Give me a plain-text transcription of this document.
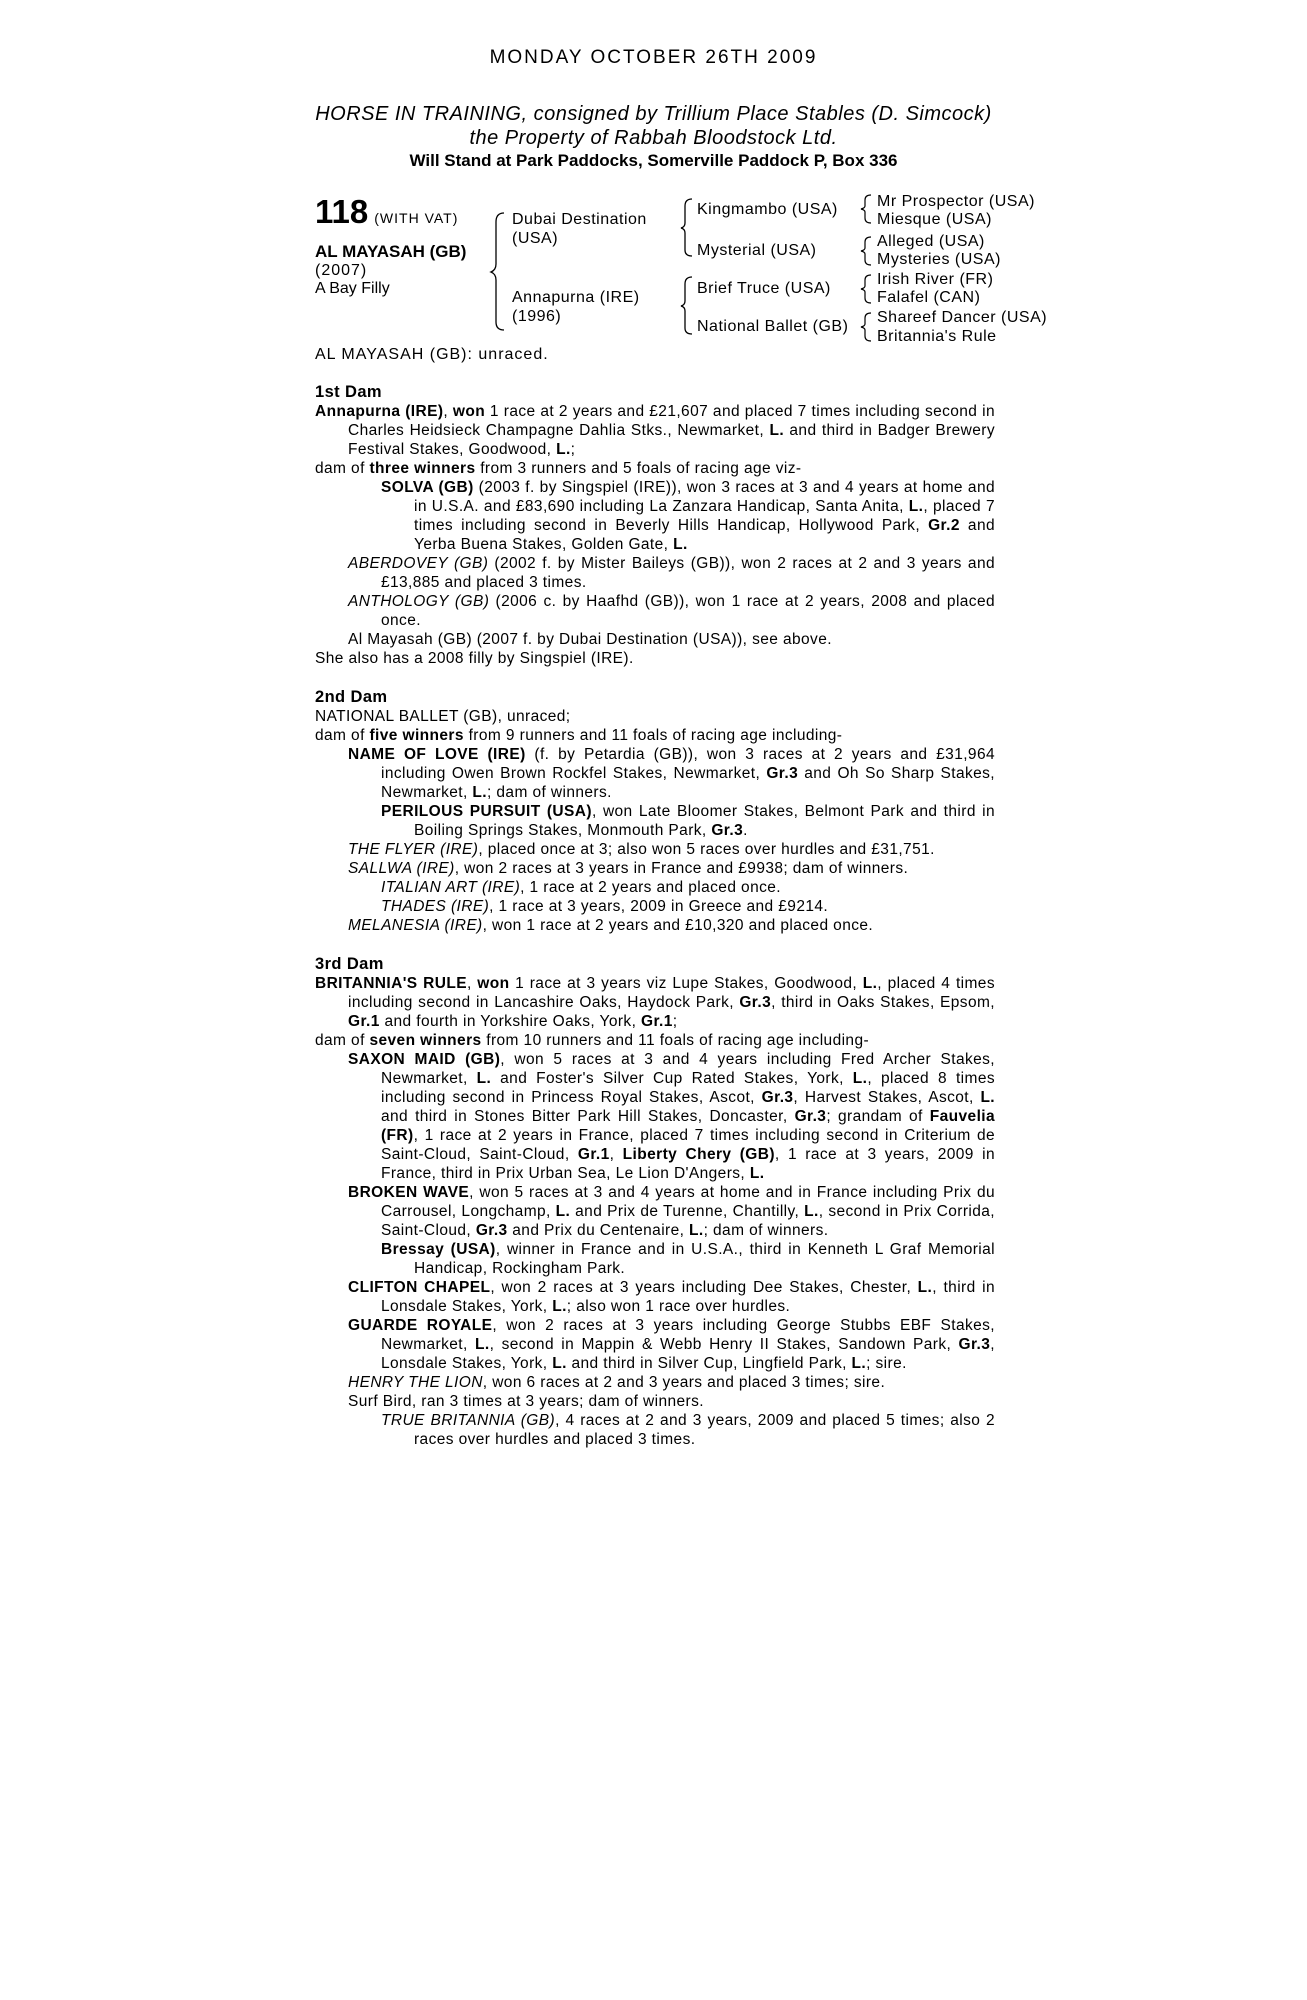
MONDAY OCTOBER 26TH 2009
HORSE IN TRAINING, consigned by Trillium Place Stables (D. Simcock)
the Property of Rabbah Bloodstock Ltd.
Will Stand at Park Paddocks, Somerville Paddock P, Box 336
118 (WITH VAT)
AL MAYASAH (GB)
(2007)
A Bay Filly
Dubai Destination
(USA)
Annapurna (IRE)
(1996)
Kingmambo (USA)
Mysterial (USA)
Brief Truce (USA)
National Ballet (GB)
Mr Prospector (USA)
Miesque (USA)
Alleged (USA)
Mysteries (USA)
Irish River (FR)
Falafel (CAN)
Shareef Dancer (USA)
Britannia's Rule
AL MAYASAH (GB): unraced.
1st Dam

Annapurna (IRE), won 1 race at 2 years and £21,607 and placed 7 times including second in Charles Heidsieck Champagne Dahlia Stks., Newmarket, L. and third in Badger Brewery Festival Stakes, Goodwood, L.;

dam of three winners from 3 runners and 5 foals of racing age viz-

SOLVA (GB) (2003 f. by Singspiel (IRE)), won 3 races at 3 and 4 years at home and in U.S.A. and £83,690 including La Zanzara Handicap, Santa Anita, L., placed 7 times including second in Beverly Hills Handicap, Hollywood Park, Gr.2 and Yerba Buena Stakes, Golden Gate, L.

ABERDOVEY (GB) (2002 f. by Mister Baileys (GB)), won 2 races at 2 and 3 years and £13,885 and placed 3 times.

ANTHOLOGY (GB) (2006 c. by Haafhd (GB)), won 1 race at 2 years, 2008 and placed once.

Al Mayasah (GB) (2007 f. by Dubai Destination (USA)), see above.

She also has a 2008 filly by Singspiel (IRE).

2nd Dam

NATIONAL BALLET (GB), unraced;

dam of five winners from 9 runners and 11 foals of racing age including-

NAME OF LOVE (IRE) (f. by Petardia (GB)), won 3 races at 2 years and £31,964 including Owen Brown Rockfel Stakes, Newmarket, Gr.3 and Oh So Sharp Stakes, Newmarket, L.; dam of winners.

PERILOUS PURSUIT (USA), won Late Bloomer Stakes, Belmont Park and third in Boiling Springs Stakes, Monmouth Park, Gr.3.

THE FLYER (IRE), placed once at 3; also won 5 races over hurdles and £31,751.

SALLWA (IRE), won 2 races at 3 years in France and £9938; dam of winners.

ITALIAN ART (IRE), 1 race at 2 years and placed once.

THADES (IRE), 1 race at 3 years, 2009 in Greece and £9214.

MELANESIA (IRE), won 1 race at 2 years and £10,320 and placed once.

3rd Dam

BRITANNIA'S RULE, won 1 race at 3 years viz Lupe Stakes, Goodwood, L., placed 4 times including second in Lancashire Oaks, Haydock Park, Gr.3, third in Oaks Stakes, Epsom, Gr.1 and fourth in Yorkshire Oaks, York, Gr.1;

dam of seven winners from 10 runners and 11 foals of racing age including-

SAXON MAID (GB), won 5 races at 3 and 4 years including Fred Archer Stakes, Newmarket, L. and Foster's Silver Cup Rated Stakes, York, L., placed 8 times including second in Princess Royal Stakes, Ascot, Gr.3, Harvest Stakes, Ascot, L. and third in Stones Bitter Park Hill Stakes, Doncaster, Gr.3; grandam of Fauvelia (FR), 1 race at 2 years in France, placed 7 times including second in Criterium de Saint-Cloud, Saint-Cloud, Gr.1, Liberty Chery (GB), 1 race at 3 years, 2009 in France, third in Prix Urban Sea, Le Lion D'Angers, L.

BROKEN WAVE, won 5 races at 3 and 4 years at home and in France including Prix du Carrousel, Longchamp, L. and Prix de Turenne, Chantilly, L., second in Prix Corrida, Saint-Cloud, Gr.3 and Prix du Centenaire, L.; dam of winners.

Bressay (USA), winner in France and in U.S.A., third in Kenneth L Graf Memorial Handicap, Rockingham Park.

CLIFTON CHAPEL, won 2 races at 3 years including Dee Stakes, Chester, L., third in Lonsdale Stakes, York, L.; also won 1 race over hurdles.

GUARDE ROYALE, won 2 races at 3 years including George Stubbs EBF Stakes, Newmarket, L., second in Mappin & Webb Henry II Stakes, Sandown Park, Gr.3, Lonsdale Stakes, York, L. and third in Silver Cup, Lingfield Park, L.; sire.

HENRY THE LION, won 6 races at 2 and 3 years and placed 3 times; sire.

Surf Bird, ran 3 times at 3 years; dam of winners.

TRUE BRITANNIA (GB), 4 races at 2 and 3 years, 2009 and placed 5 times; also 2 races over hurdles and placed 3 times.
